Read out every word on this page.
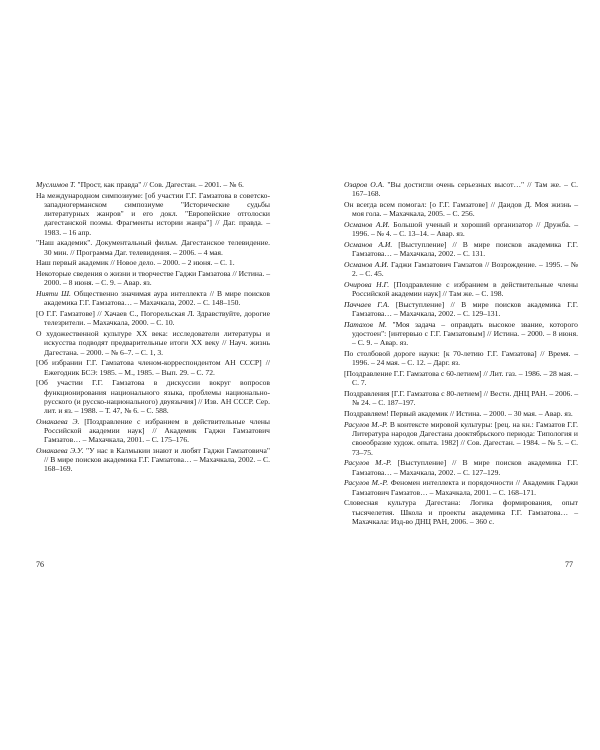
Муслимов Т. "Прост, как правда" // Сов. Дагестан. – 2001. – № 6.

На международном симпозиуме: [об участии Г.Г. Гамзатова в советско-западногерманском симпозиуме "Исторические судьбы литературных жанров" и его докл. "Европейские отголоски дагестанской поэмы. Фрагменты истории жанра"] // Даг. правда. – 1983. – 16 апр.

"Наш академик". Документальный фильм. Дагестанское телевидение. 30 мин. // Программа Даг. телевидения. – 2006. – 4 мая.

Наш первый академик // Новое дело. – 2000. – 2 июня. – С. 1.

Некоторые сведения о жизни и творчестве Гаджи Гамзатова // Истина. – 2000. – 8 июня. – С. 9. – Авар. яз.

Нияти Ш. Общественно значимая аура интеллекта // В мире поисков академика Г.Г. Гамзатова… – Махачкала, 2002. – С. 148–150.

[О Г.Г. Гамзатове] // Хачаев С., Погорельская Л. Здравствуйте, дорогие телезрители. – Махачкала, 2000. – С. 10.

О художественной культуре XX века: исследователи литературы и искусства подводят предварительные итоги XX веку // Науч. жизнь Дагестана. – 2000. – № 6–7. – С. 1, 3.

[Об избрании Г.Г. Гамзатова членом-корреспондентом АН СССР] // Ежегодник БСЭ: 1985. – М., 1985. – Вып. 29. – С. 72.

[Об участии Г.Г. Гамзатова в дискуссии вокруг вопросов функционирования национального языка, проблемы национально-русского (и русско-национального) двуязычия] // Изв. АН СССР. Сер. лит. и яз. – 1988. – Т. 47, № 6. – С. 588.

Омакаева Э. [Поздравление с избранием в действительные члены Российской академии наук] // Академик Гаджи Гамзатович Гамзатов… – Махачкала, 2001. – С. 175–176.

Омакаева Э.У. "У нас в Калмыкии знают и любят Гаджи Гамзатовича" // В мире поисков академика Г.Г. Гамзатова… – Махачкала, 2002. – С. 168–169.

76

Озаров О.А. "Вы достигли очень серьезных высот…" // Там же. – С. 167–168.

Он всегда всем помогал: [о Г.Г. Гамзатове] // Даидов Д. Моя жизнь – моя гола. – Махачкала, 2005. – С. 256.

Османов А.И. Большой ученый и хороший организатор // Дружба. – 1996. – № 4. – С. 13–14. – Авар. яз.

Османов А.И. [Выступление] // В мире поисков академика Г.Г. Гамзатова… – Махачкала, 2002. – С. 131.

Османов А.И. Гаджи Гамзатович Гамзатов // Возрождение. – 1995. – № 2. – С. 45.

Очирова Н.Г. [Поздравление с избранием в действительные члены Российской академии наук] // Там же. – С. 198.

Паччаев Г.А. [Выступление] // В мире поисков академика Г.Г. Гамзатова… – Махачкала, 2002. – С. 129–131.

Патахов М. "Моя задача – оправдать высокое звание, которого удостоен": [интервью с Г.Г. Гамзатовым] // Истина. – 2000. – 8 июня. – С. 9. – Авар. яз.

По столбовой дороге науки: [к 70-летию Г.Г. Гамзатова] // Время. – 1996. – 24 мая. – С. 12. – Дарг. яз.

[Поздравление Г.Г. Гамзатова с 60-летием] // Лит. газ. – 1986. – 28 мая. – С. 7.

Поздравления [Г.Г. Гамзатова с 80-летием] // Вестн. ДНЦ РАН. – 2006. – № 24. – С. 187–197.

Поздравляем! Первый академик // Истина. – 2000. – 30 мая. – Авар. яз.

Расулов М.-Р. В контексте мировой культуры: [рец. на кн.: Гамзатов Г.Г. Литература народов Дагестана дооктябрьского периода: Типология и своеобразие худож. опыта. 1982] // Сов. Дагестан. – 1984. – № 5. – С. 73–75.

Расулов М.-Р. [Выступление] // В мире поисков академика Г.Г. Гамзатова… – Махачкала, 2002. – С. 127–129.

Расулов М.-Р. Феномен интеллекта и порядочности // Академик Гаджи Гамзатович Гамзатов… – Махачкала, 2001. – С. 168–171.

Словесная культура Дагестана: Логика формирования, опыт тысячелетия. Школа и проекты академика Г.Г. Гамзатова… – Махачкала: Изд-во ДНЦ РАН, 2006. – 360 с.

77
